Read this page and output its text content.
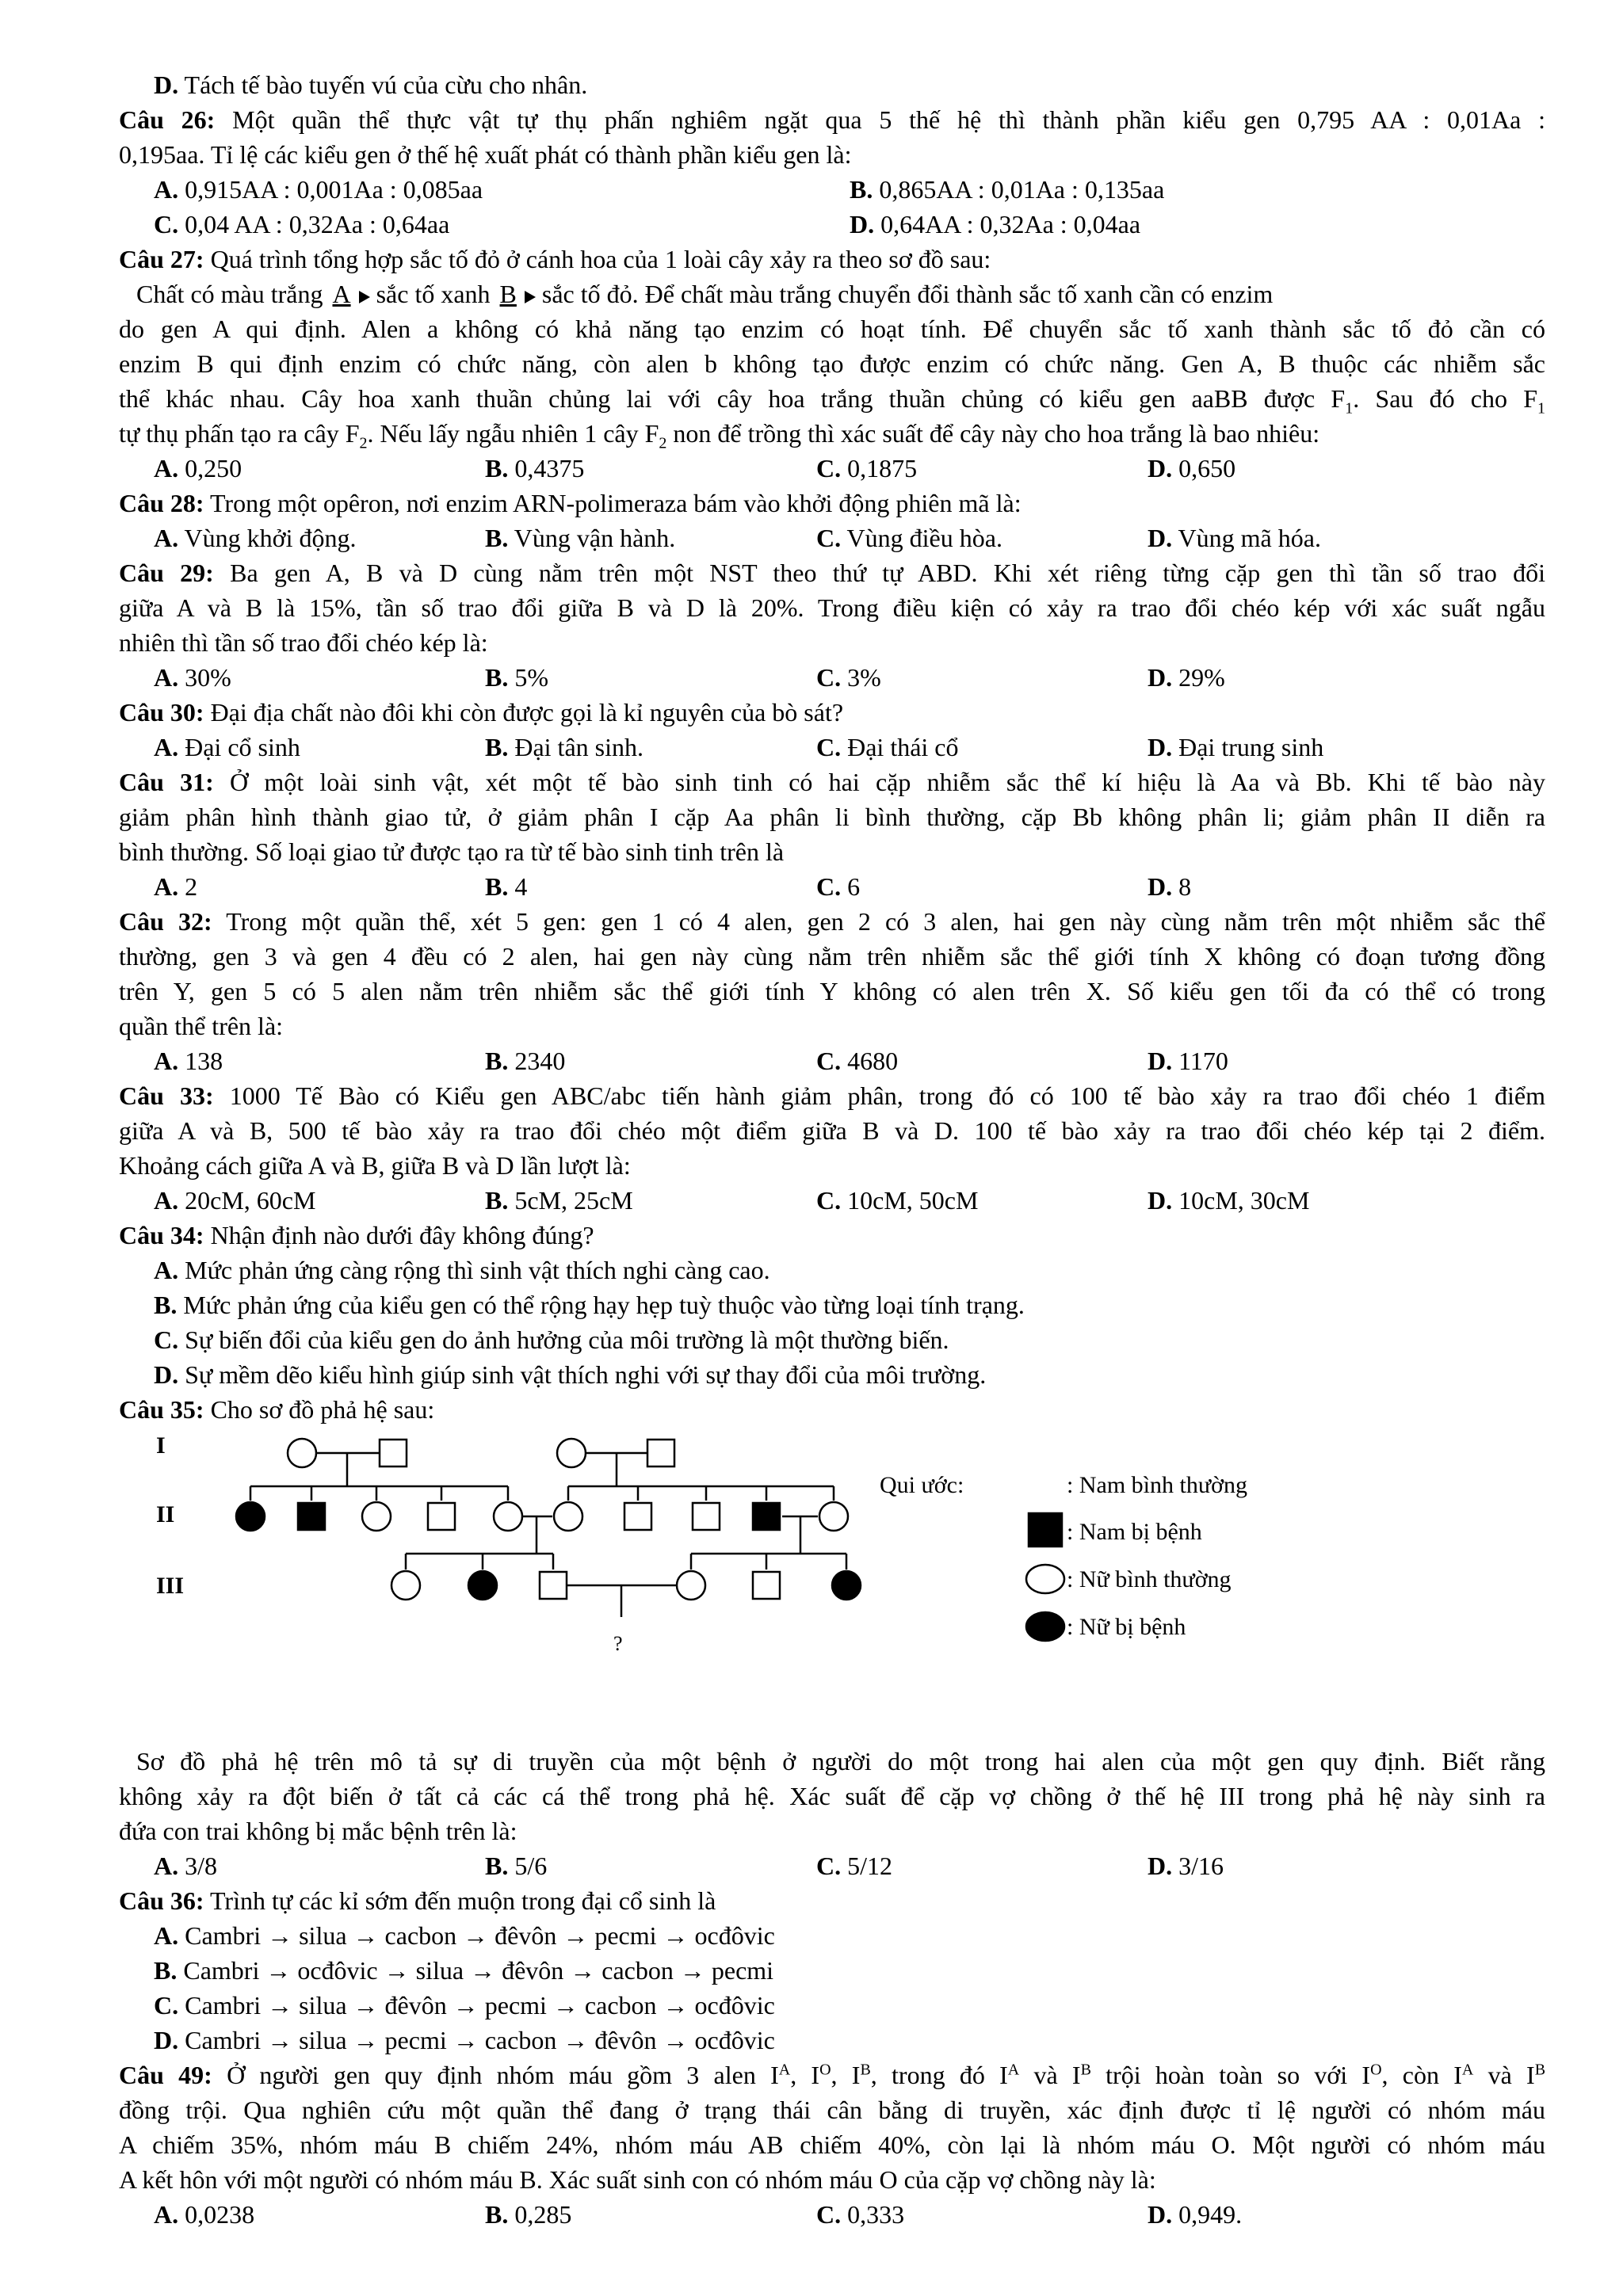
D. Tách tế bào tuyến vú của cừu cho nhân.
Câu 26: Một quần thể thực vật tự thụ phấn nghiêm ngặt qua 5 thế hệ thì thành phần kiểu gen 0,795 AA : 0,01Aa :
0,195aa. Tỉ lệ các kiểu gen ở thế hệ xuất phát có thành phần kiểu gen là:
A. 0,915AA : 0,001Aa : 0,085aa	B. 0,865AA : 0,01Aa : 0,135aa
C. 0,04 AA : 0,32Aa : 0,64aa	D. 0,64AA : 0,32Aa : 0,04aa
Câu 27: Quá trình tổng hợp sắc tố đỏ ở cánh hoa của 1 loài cây xảy ra theo sơ đồ sau:
Chất có màu trắng A sắc tố xanh B sắc tố đỏ. Để chất màu trắng chuyển đổi thành sắc tố xanh cần có enzim
do gen A qui định. Alen a không có khả năng tạo enzim có hoạt tính. Để chuyển sắc tố xanh thành sắc tố đỏ cần có
enzim B qui định enzim có chức năng, còn alen b không tạo được enzim có chức năng. Gen A, B thuộc các nhiễm sắc
thể khác nhau. Cây hoa xanh thuần chủng lai với cây hoa trắng thuần chủng có kiểu gen aaBB được $F_1$. Sau đó cho $F_1$
tự thụ phấn tạo ra cây $F_2$. Nếu lấy ngẫu nhiên 1 cây $F_2$ non để trồng thì xác suất để cây này cho hoa trắng là bao nhiêu:
A. 0,250	B. 0,4375	C. 0,1875	D. 0,650
Câu 28: Trong một opêron, nơi enzim ARN-polimeraza bám vào khởi động phiên mã là:
A. Vùng khởi động.	B. Vùng vận hành.	C. Vùng điều hòa.	D. Vùng mã hóa.
Câu 29: Ba gen A, B và D cùng nằm trên một NST theo thứ tự ABD. Khi xét riêng từng cặp gen thì tần số trao đổi
giữa A và B là 15%, tần số trao đổi giữa B và D là 20%. Trong điều kiện có xảy ra trao đổi chéo kép với xác suất ngẫu
nhiên thì tần số trao đổi chéo kép là:
A. 30%	B. 5%	C. 3%	D. 29%
Câu 30: Đại địa chất nào đôi khi còn được gọi là kỉ nguyên của bò sát?
A. Đại cổ sinh	B. Đại tân sinh.	C. Đại thái cổ	D. Đại trung sinh
Câu 31: Ở một loài sinh vật, xét một tế bào sinh tinh có hai cặp nhiễm sắc thể kí hiệu là Aa và Bb. Khi tế bào này
giảm phân hình thành giao tử, ở giảm phân I cặp Aa phân li bình thường, cặp Bb không phân li; giảm phân II diễn ra
bình thường. Số loại giao tử được tạo ra từ tế bào sinh tinh trên là
A. 2	B. 4	C. 6	D. 8
Câu 32: Trong một quần thể, xét 5 gen: gen 1 có 4 alen, gen 2 có 3 alen, hai gen này cùng nằm trên một nhiễm sắc thể
thường, gen 3 và gen 4 đều có 2 alen, hai gen này cùng nằm trên nhiễm sắc thể giới tính X không có đoạn tương đồng
trên Y, gen 5 có 5 alen nằm trên nhiễm sắc thể giới tính Y không có alen trên X. Số kiểu gen tối đa có thể có trong
quần thể trên là:
A. 138	B. 2340	C. 4680	D. 1170
Câu 33: 1000 Tế Bào có Kiểu gen ABC/abc tiến hành giảm phân, trong đó có 100 tế bào xảy ra trao đổi chéo 1 điểm
giữa A và B, 500 tế bào xảy ra trao đổi chéo một điểm giữa B và D. 100 tế bào xảy ra trao đổi chéo kép tại 2 điểm.
Khoảng cách giữa A và B, giữa B và D lần lượt là:
A. 20cM, 60cM	B. 5cM, 25cM	C. 10cM, 50cM	D. 10cM, 30cM
Câu 34: Nhận định nào dưới đây không đúng?
A. Mức phản ứng càng rộng thì sinh vật thích nghi càng cao.
B. Mức phản ứng của kiểu gen có thể rộng hạy hẹp tuỳ thuộc vào từng loại tính trạng.
C. Sự biến đổi của kiểu gen do ảnh hưởng của môi trường là một thường biến.
D. Sự mềm dẽo kiểu hình giúp sinh vật thích nghi với sự thay đổi của môi trường.
Câu 35: Cho sơ đồ phả hệ sau:
I
II
III
?
Qui ước:	: Nam bình thường
: Nam bị bệnh
: Nữ bình thường
: Nữ bị bệnh
Sơ đồ phả hệ trên mô tả sự di truyền của một bệnh ở người do một trong hai alen của một gen quy định. Biết rằng
không xảy ra đột biến ở tất cả các cá thể trong phả hệ. Xác suất để cặp vợ chồng ở thế hệ III trong phả hệ này sinh ra
đứa con trai không bị mắc bệnh trên là:
A. 3/8	B. 5/6	C. 5/12	D. 3/16
Câu 36: Trình tự các kỉ sớm đến muộn trong đại cổ sinh là
A. Cambri → silua → cacbon → đêvôn → pecmi → ocđôvic
B. Cambri → ocđôvic → silua → đêvôn → cacbon → pecmi
C. Cambri → silua → đêvôn → pecmi → cacbon → ocđôvic
D. Cambri → silua → pecmi → cacbon → đêvôn → ocđôvic
Câu 49: Ở người gen quy định nhóm máu gồm 3 alen $I^A$, $I^O$, $I^B$, trong đó $I^A$ và $I^B$ trội hoàn toàn so với $I^O$, còn $I^A$ và $I^B$
đồng trội. Qua nghiên cứu một quần thể đang ở trạng thái cân bằng di truyền, xác định được tỉ lệ người có nhóm máu
A chiếm 35%, nhóm máu B chiếm 24%, nhóm máu AB chiếm 40%, còn lại là nhóm máu O. Một người có nhóm máu
A kết hôn với một người có nhóm máu B. Xác suất sinh con có nhóm máu O của cặp vợ chồng này là:
A. 0,0238	B. 0,285	C. 0,333	D. 0,949.
